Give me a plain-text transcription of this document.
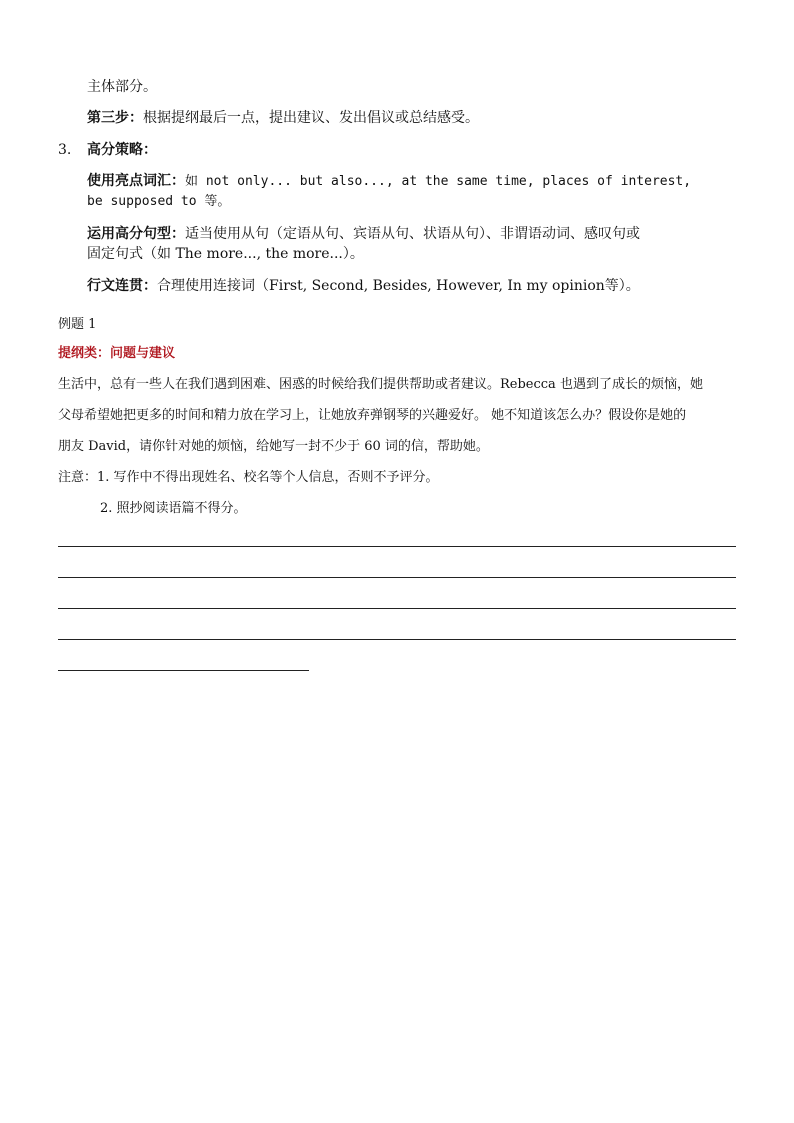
主体部分。
第三步：根据提纲最后一点，提出建议、发出倡议或总结感受。
3. 高分策略：
使用亮点词汇：如 not only... but also..., at the same time, places of interest,
be supposed to 等。
运用高分句型：适当使用从句（定语从句、宾语从句、状语从句）、非谓语动词、感叹句或
固定句式（如 The more..., the more...）。
行文连贯：合理使用连接词（First, Second, Besides, However, In my opinion等）。
例题 1
提纲类：问题与建议
生活中，总有一些人在我们遇到困难、困惑的时候给我们提供帮助或者建议。Rebecca 也遇到了成长的烦恼，她
父母希望她把更多的时间和精力放在学习上，让她放弃弹钢琴的兴趣爱好。 她不知道该怎么办？假设你是她的
朋友 David，请你针对她的烦恼，给她写一封不少于 60 词的信，帮助她。
注意：1. 写作中不得出现姓名、校名等个人信息，否则不予评分。
2. 照抄阅读语篇不得分。
